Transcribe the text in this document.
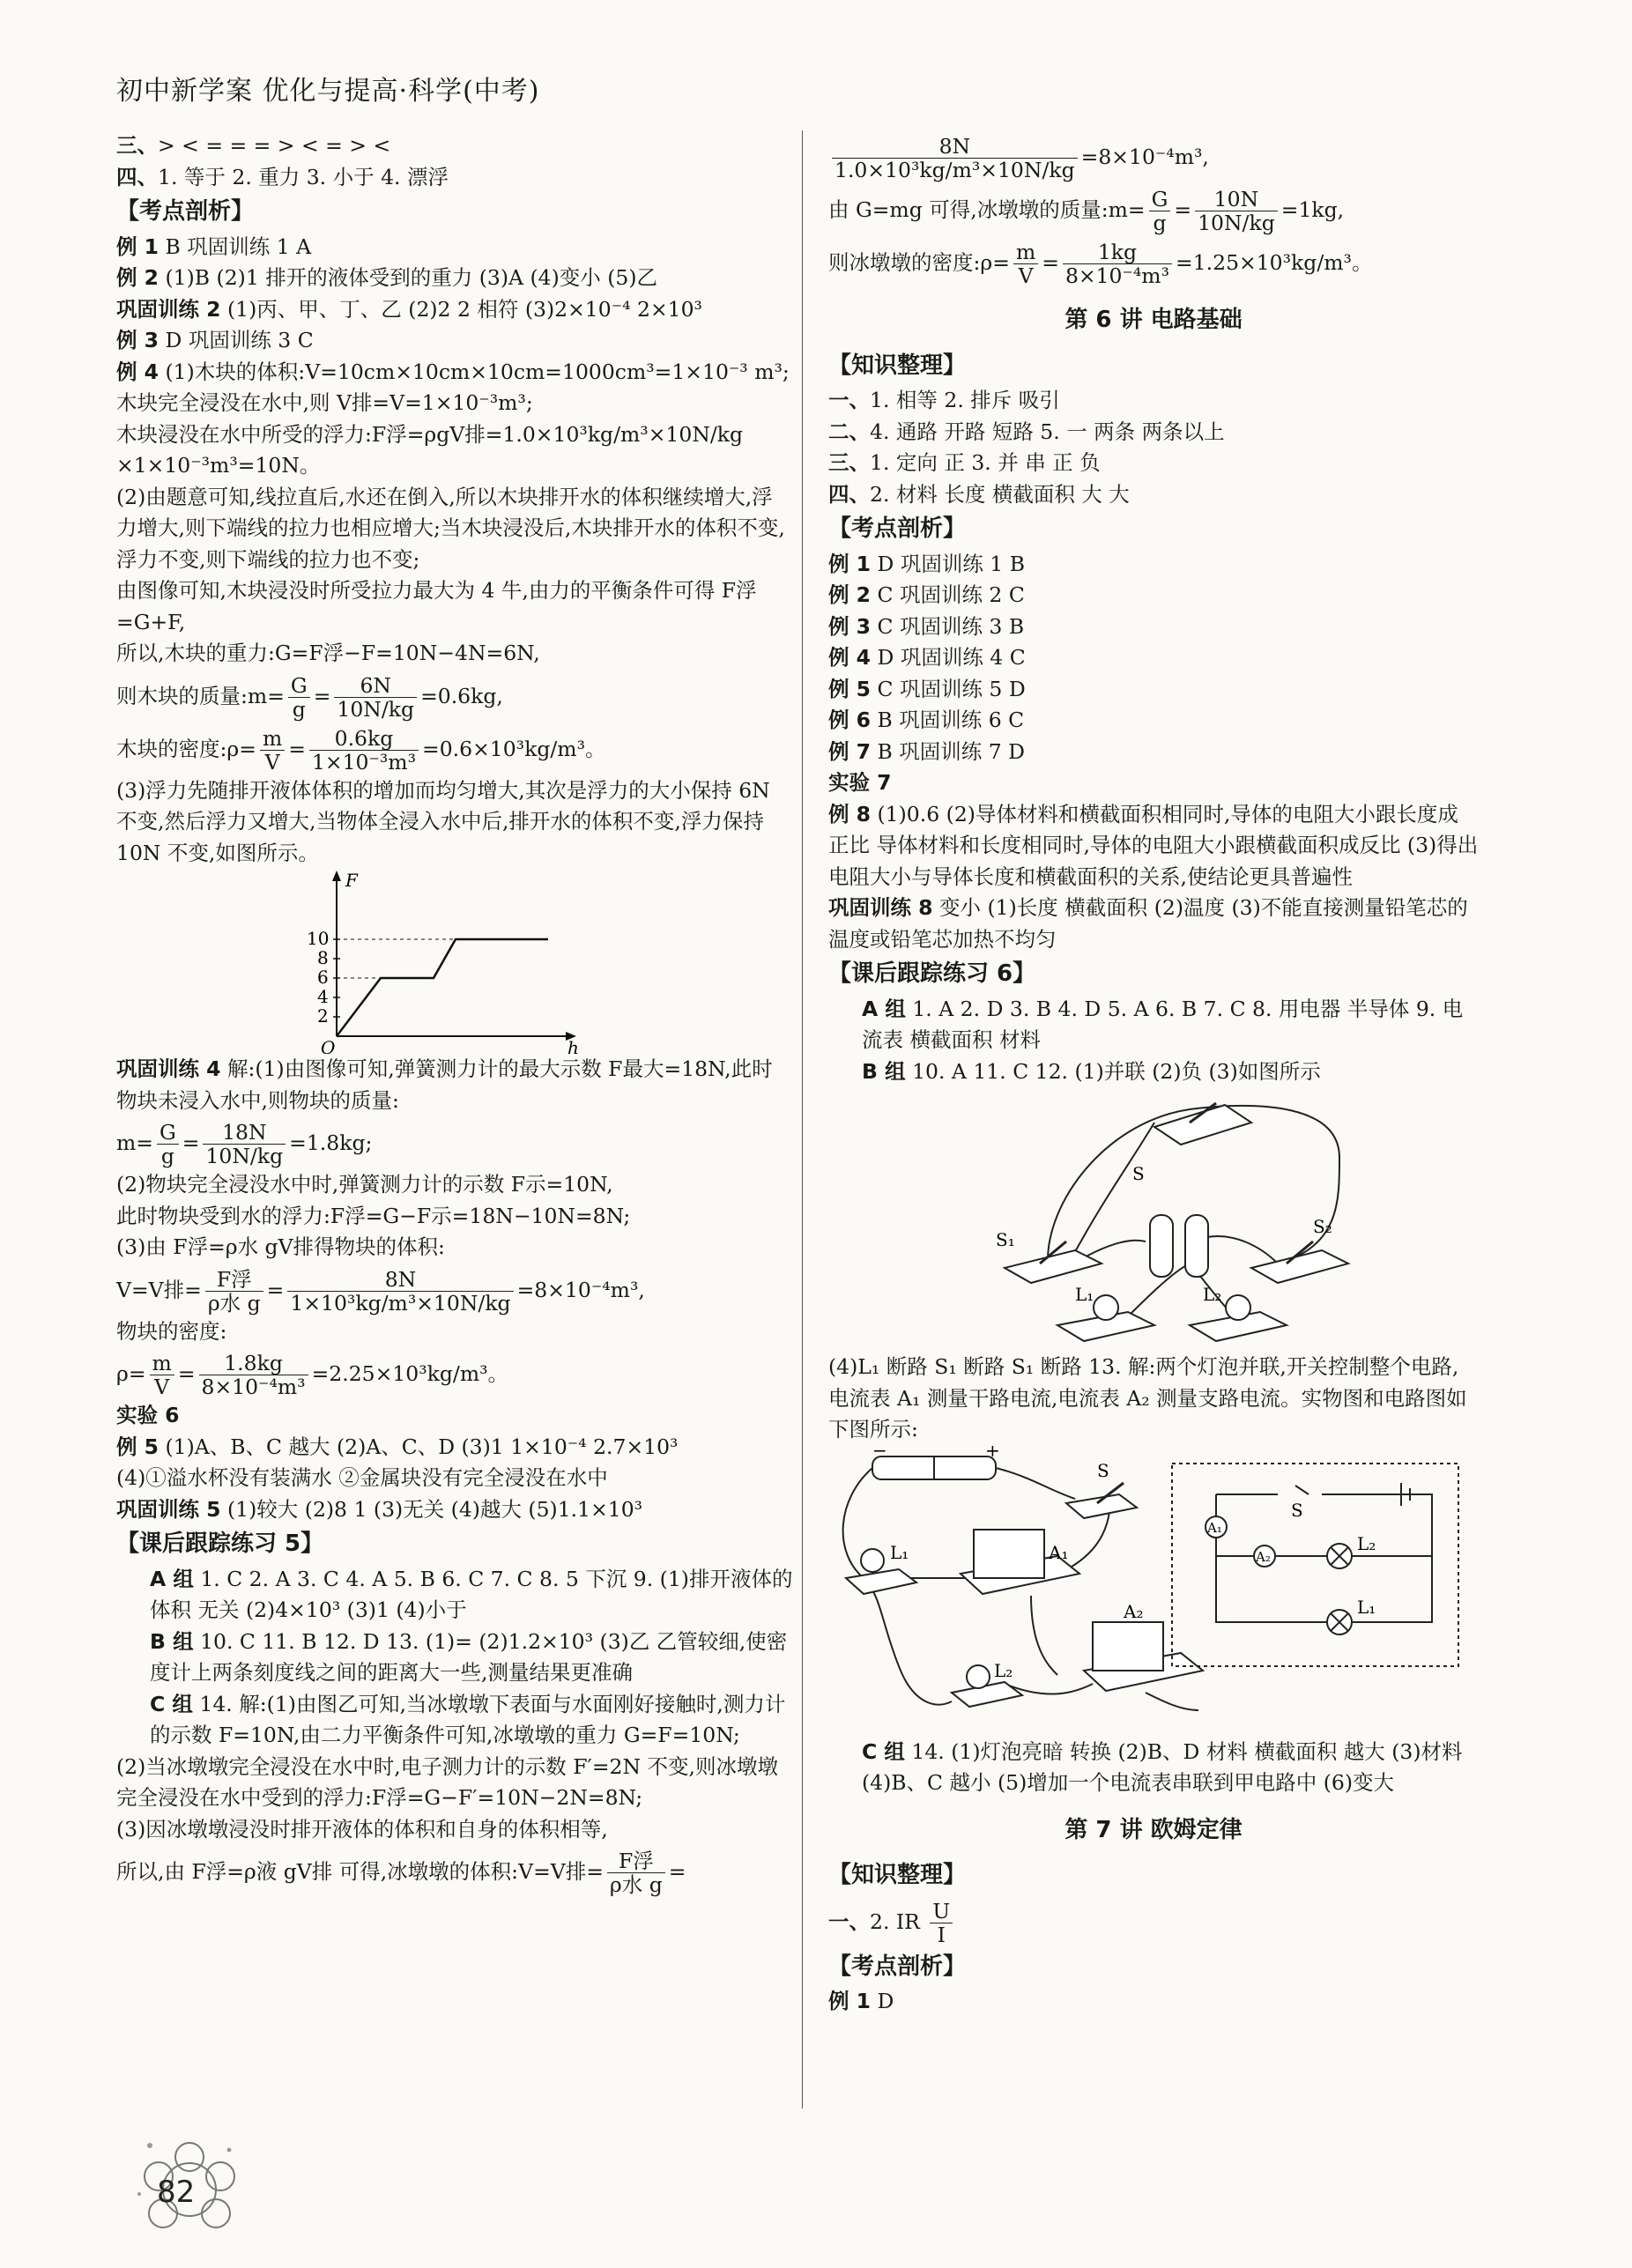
初中新学案 优化与提高·科学(中考)
三、> < = = = > < = > <
四、1. 等于 2. 重力 3. 小于 4. 漂浮
【考点剖析】
例 1 B 巩固训练 1 A
例 2 (1)B (2)1 排开的液体受到的重力 (3)A (4)变小 (5)乙
巩固训练 2 (1)丙、甲、丁、乙 (2)2 2 相符 (3)2×10⁻⁴ 2×10³
例 3 D 巩固训练 3 C
例 4 (1)木块的体积:V=10cm×10cm×10cm=1000cm³=1×10⁻³ m³;木块完全浸没在水中,则 V排=V=1×10⁻³m³;
木块浸没在水中所受的浮力:F浮=ρgV排=1.0×10³kg/m³×10N/kg ×1×10⁻³m³=10N。
(2)由题意可知,线拉直后,水还在倒入,所以木块排开水的体积继续增大,浮力增大,则下端线的拉力也相应增大;当木块浸没后,木块排开水的体积不变,浮力不变,则下端线的拉力也不变;
由图像可知,木块浸没时所受拉力最大为 4 牛,由力的平衡条件可得 F浮=G+F,
所以,木块的重力:G=F浮−F=10N−4N=6N,
则木块的质量:m= $\frac{G}{g} = \frac{6N}{10N/kg} =0.6kg$,
木块的密度:ρ= $\frac{m}{V} = \frac{0.6kg}{\text{1×10⁻³m³}} =0.6\times 10^3kg/m^3$。
(3)浮力先随排开液体体积的增加而均匀增大,其次是浮力的大小保持 6N 不变,然后浮力又增大,当物体全浸入水中后,排开水的体积不变,浮力保持 10N 不变,如图所示。
F
h
O
2
4
6
8
10
巩固训练 4 解:(1)由图像可知,弹簧测力计的最大示数 F最大=18N,此时物块未浸入水中,则物块的质量:
$m= \frac{G}{g} = \frac{18N}{10N/kg} =1.8kg$;
(2)物块完全浸没水中时,弹簧测力计的示数 F示=10N,
此时物块受到水的浮力:F浮=G−F示=18N−10N=8N;
(3)由 F浮=ρ水 gV排得物块的体积:
V=V排= $\frac{\text{F浮}}{\text{ρ水 g}} = \frac{8N}{\text{1×10³kg/m³×10N/kg}} =8\times 10^{-4}m^3$,
物块的密度:
$\rho= \frac{m}{V} = \frac{1.8kg}{\text{8×10⁻⁴m³}} =2.25\times 10^3kg/m^3$。
实验 6
例 5 (1)A、B、C 越大 (2)A、C、D (3)1 1×10⁻⁴ 2.7×10³
(4)①溢水杯没有装满水 ②金属块没有完全浸没在水中
巩固训练 5 (1)较大 (2)8 1 (3)无关 (4)越大 (5)1.1×10³
【课后跟踪练习 5】
A 组 1. C 2. A 3. C 4. A 5. B 6. C 7. C 8. 5 下沉 9. (1)排开液体的体积 无关 (2)4×10³ (3)1 (4)小于
B 组 10. C 11. B 12. D 13. (1)= (2)1.2×10³ (3)乙 乙管较细,使密度计上两条刻度线之间的距离大一些,测量结果更准确
C 组 14. 解:(1)由图乙可知,当冰墩墩下表面与水面刚好接触时,测力计的示数 F=10N,由二力平衡条件可知,冰墩墩的重力 G=F=10N;
(2)当冰墩墩完全浸没在水中时,电子测力计的示数 F′=2N 不变,则冰墩墩完全浸没在水中受到的浮力:F浮=G−F′=10N−2N=8N;
(3)因冰墩墩浸没时排开液体的体积和自身的体积相等,
所以,由 F浮=ρ液 gV排 可得,冰墩墩的体积:V=V排= $\frac{\text{F浮}}{\text{ρ水 g}}$ =
$\frac{8N}{\text{1.0×10³kg/m³×10N/kg}} =8\times 10^{-4}m^3$,
由 G=mg 可得,冰墩墩的质量:m= $\frac{G}{g} = \frac{10N}{10N/kg} =1kg$,
则冰墩墩的密度:ρ= $\frac{m}{V} = \frac{1kg}{\text{8×10⁻⁴m³}} =1.25\times 10^3kg/m^3$。
第 6 讲 电路基础
【知识整理】
一、1. 相等 2. 排斥 吸引
二、4. 通路 开路 短路 5. 一 两条 两条以上
三、1. 定向 正 3. 并 串 正 负
四、2. 材料 长度 横截面积 大 大
【考点剖析】
例 1 D 巩固训练 1 B
例 2 C 巩固训练 2 C
例 3 C 巩固训练 3 B
例 4 D 巩固训练 4 C
例 5 C 巩固训练 5 D
例 6 B 巩固训练 6 C
例 7 B 巩固训练 7 D
实验 7
例 8 (1)0.6 (2)导体材料和横截面积相同时,导体的电阻大小跟长度成正比 导体材料和长度相同时,导体的电阻大小跟横截面积成反比 (3)得出电阻大小与导体长度和横截面积的关系,使结论更具普遍性
巩固训练 8 变小 (1)长度 横截面积 (2)温度 (3)不能直接测量铅笔芯的温度或铅笔芯加热不均匀
【课后跟踪练习 6】
A 组 1. A 2. D 3. B 4. D 5. A 6. B 7. C 8. 用电器 半导体 9. 电流表 横截面积 材料
B 组 10. A 11. C 12. (1)并联 (2)负 (3)如图所示
S
S₁
S₂
L₁	L₂
(4)L₁ 断路 S₁ 断路 S₁ 断路 13. 解:两个灯泡并联,开关控制整个电路,电流表 A₁ 测量干路电流,电流表 A₂ 测量支路电流。实物图和电路图如下图所示:
−	+
S
L₁
L₂
A₁
A₂
S
A₁
A₂
L₂
L₁
C 组 14. (1)灯泡亮暗 转换 (2)B、D 材料 横截面积 越大 (3)材料 (4)B、C 越小 (5)增加一个电流表串联到甲电路中 (6)变大
第 7 讲 欧姆定律
【知识整理】
一、2. IR $\frac{U}{I}$
【考点剖析】
例 1 D
82
